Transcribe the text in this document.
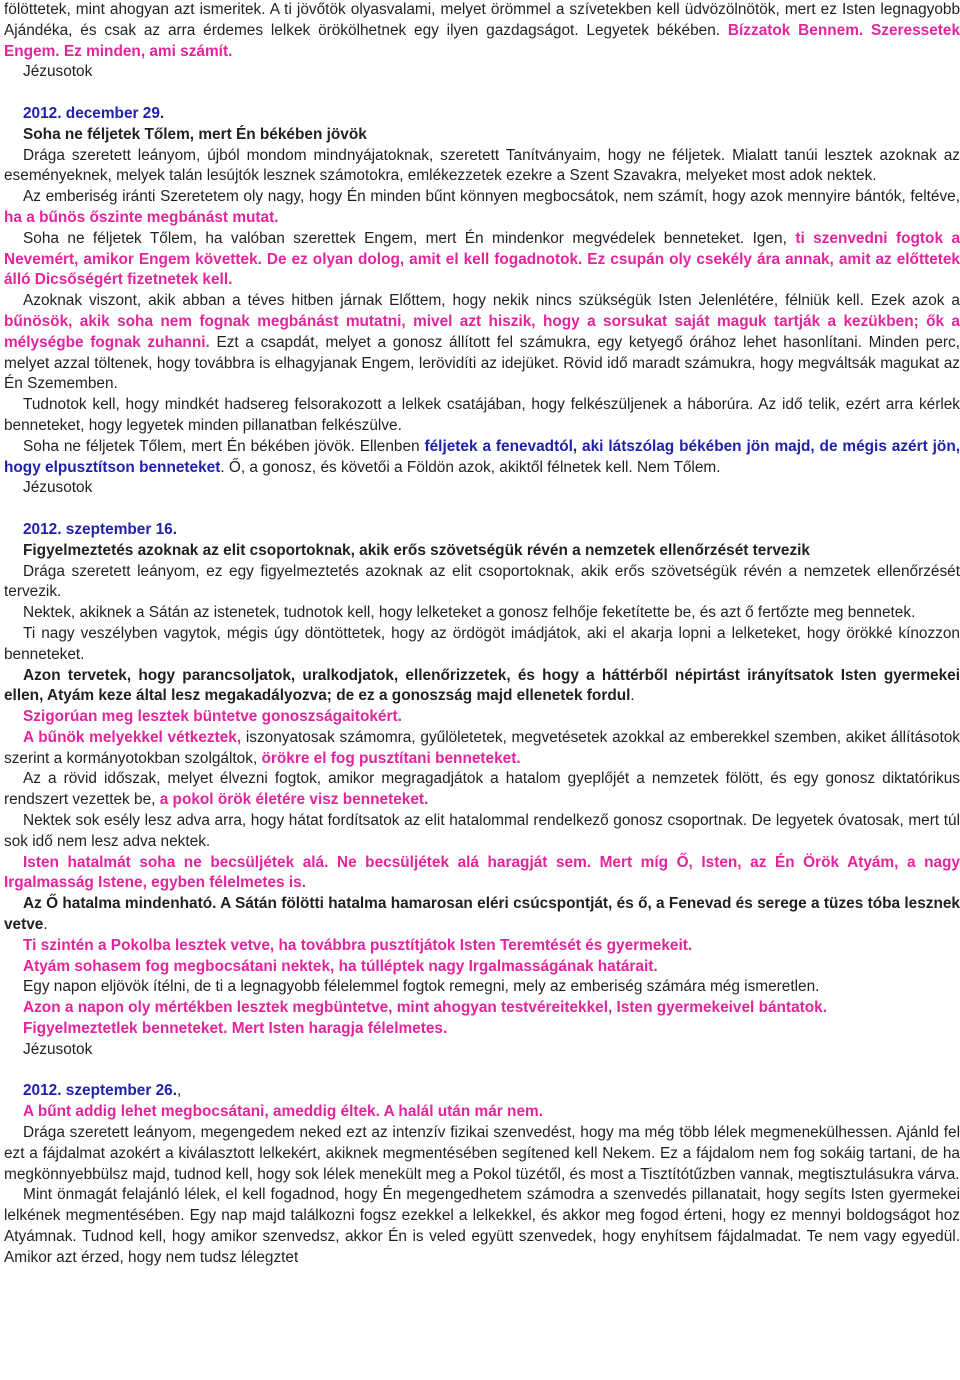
fölöttetek, mint ahogyan azt ismeritek. A ti jövőtök olyasvalami, melyet örömmel a szívetekben kell üdvözölnötök, mert ez Isten legnagyobb Ajándéka, és csak az arra érdemes lelkek örökölhetnek egy ilyen gazdagságot. Legyetek békében. Bízzatok Bennem. Szeressetek Engem. Ez minden, ami számít.

Jézusotok

2012. december 29.

Soha ne féljetek Tőlem, mert Én békében jövök

Drága szeretett leányom, újból mondom mindnyájatoknak, szeretett Tanítványaim, hogy ne féljetek. Mialatt tanúi lesztek azoknak az eseményeknek, melyek talán lesújtók lesznek számotokra, emlékezzetek ezekre a Szent Szavakra, melyeket most adok nektek.

Az emberiség iránti Szeretetem oly nagy, hogy Én minden bűnt könnyen megbocsátok, nem számít, hogy azok mennyire bántók, feltéve, ha a bűnös őszinte megbánást mutat.

Soha ne féljetek Tőlem, ha valóban szerettek Engem, mert Én mindenkor megvédelek benneteket. Igen, ti szenvedni fogtok a Nevemért, amikor Engem követtek. De ez olyan dolog, amit el kell fogadnotok. Ez csupán oly csekély ára annak, amit az előttetek álló Dicsőségért fizetnetek kell.

Azoknak viszont, akik abban a téves hitben járnak Előttem, hogy nekik nincs szükségük Isten Jelenlétére, félniük kell. Ezek azok a bűnösök, akik soha nem fognak megbánást mutatni, mivel azt hiszik, hogy a sorsukat saját maguk tartják a kezükben; ők a mélységbe fognak zuhanni. Ezt a csapdát, melyet a gonosz állított fel számukra, egy ketyegő órához lehet hasonlítani. Minden perc, melyet azzal töltenek, hogy továbbra is elhagyjanak Engem, lerövidíti az idejüket. Rövid idő maradt számukra, hogy megváltsák magukat az Én Szememben.

Tudnotok kell, hogy mindkét hadsereg felsorakozott a lelkek csatájában, hogy felkészüljenek a háborúra. Az idő telik, ezért arra kérlek benneteket, hogy legyetek minden pillanatban felkészülve.

Soha ne féljetek Tőlem, mert Én békében jövök. Ellenben féljetek a fenevadtól, aki látszólag békében jön majd, de mégis azért jön, hogy elpusztítson benneteket. Ő, a gonosz, és követői a Földön azok, akiktől félnetek kell. Nem Tőlem.

Jézusotok

2012. szeptember 16.

Figyelmeztetés azoknak az elit csoportoknak, akik erős szövetségük révén a nemzetek ellenőrzését tervezik

Drága szeretett leányom, ez egy figyelmeztetés azoknak az elit csoportoknak, akik erős szövetségük révén a nemzetek ellenőrzését tervezik.

Nektek, akiknek a Sátán az istenetek, tudnotok kell, hogy lelketeket a gonosz felhője feketítette be, és azt ő fertőzte meg bennetek.

Ti nagy veszélyben vagytok, mégis úgy döntöttetek, hogy az ördögöt imádjátok, aki el akarja lopni a lelketeket, hogy örökké kínozzon benneteket.

Azon tervetek, hogy parancsoljatok, uralkodjatok, ellenőrizzetek, és hogy a háttérből népirtást irányítsatok Isten gyermekei ellen, Atyám keze által lesz megakadályozva; de ez a gonoszság majd ellenetek fordul.

Szigorúan meg lesztek büntetve gonoszságaitokért.

A bűnök melyekkel vétkeztek, iszonyatosak számomra, gyűlöletetek, megvetésetek azokkal az emberekkel szemben, akiket állításotok szerint a kormányotokban szolgáltok, örökre el fog pusztítani benneteket.

Az a rövid időszak, melyet élvezni fogtok, amikor megragadjátok a hatalom gyeplőjét a nemzetek fölött, és egy gonosz diktatórikus rendszert vezettek be, a pokol örök életére visz benneteket.

Nektek sok esély lesz adva arra, hogy hátat fordítsatok az elit hatalommal rendelkező gonosz csoportnak. De legyetek óvatosak, mert túl sok idő nem lesz adva nektek.

Isten hatalmát soha ne becsüljétek alá. Ne becsüljétek alá haragját sem. Mert míg Ő, Isten, az Én Örök Atyám, a nagy Irgalmasság Istene, egyben félelmetes is.

Az Ő hatalma mindenható. A Sátán fölötti hatalma hamarosan eléri csúcspontját, és ő, a Fenevad és serege a tüzes tóba lesznek vetve.

Ti szintén a Pokolba lesztek vetve, ha továbbra pusztítjátok Isten Teremtését és gyermekeit.

Atyám sohasem fog megbocsátani nektek, ha túlléptek nagy Irgalmasságának határait.

Egy napon eljövök ítélni, de ti a legnagyobb félelemmel fogtok remegni, mely az emberiség számára még ismeretlen.

Azon a napon oly mértékben lesztek megbüntetve, mint ahogyan testvéreitekkel, Isten gyermekeivel bántatok.

Figyelmeztetlek benneteket. Mert Isten haragja félelmetes.

Jézusotok

2012. szeptember 26.,

A bűnt addig lehet megbocsátani, ameddig éltek. A halál után már nem.

Drága szeretett leányom, megengedem neked ezt az intenzív fizikai szenvedést, hogy ma még több lélek megmenekülhessen. Ajánld fel ezt a fájdalmat azokért a kiválasztott lelkekért, akiknek megmentésében segítened kell Nekem. Ez a fájdalom nem fog sokáig tartani, de ha megkönnyebbülsz majd, tudnod kell, hogy sok lélek menekült meg a Pokol tüzétől, és most a Tisztítótűzben vannak, megtisztulásukra várva.

Mint önmagát felajánló lélek, el kell fogadnod, hogy Én megengedhetem számodra a szenvedés pillanatait, hogy segíts Isten gyermekei lelkének megmentésében. Egy nap majd találkozni fogsz ezekkel a lelkekkel, és akkor meg fogod érteni, hogy ez mennyi boldogságot hoz Atyámnak. Tudnod kell, hogy amikor szenvedsz, akkor Én is veled együtt szenvedek, hogy enyhítsem fájdalmadat. Te nem vagy egyedül. Amikor azt érzed, hogy nem tudsz lélegztet
